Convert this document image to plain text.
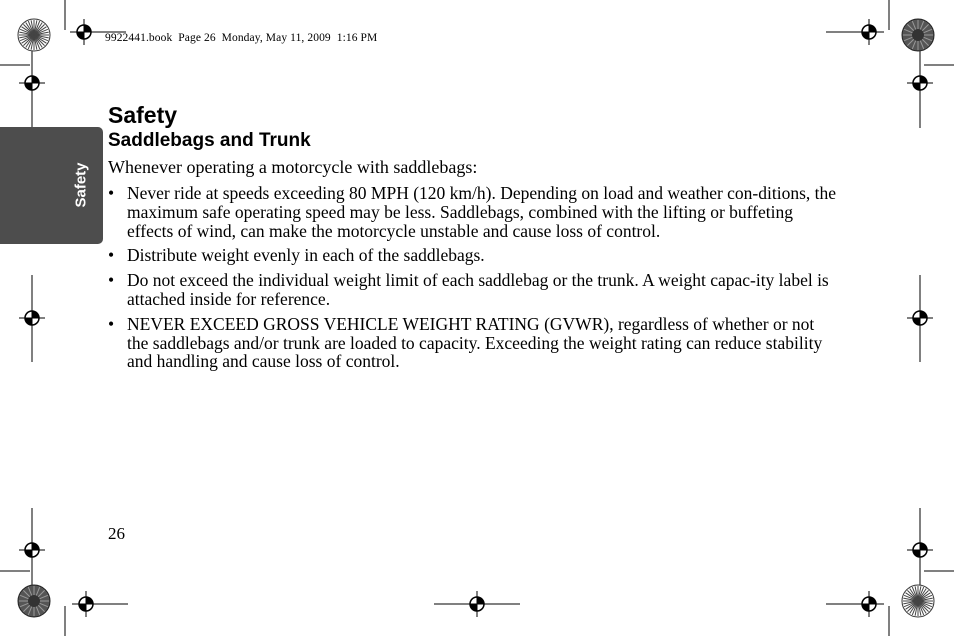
9922441.book  Page 26  Monday, May 11, 2009  1:16 PM
Safety
Safety
Saddlebags and Trunk

Whenever operating a motorcycle with saddlebags:

• Never ride at speeds exceeding 80 MPH (120 km/h). Depending on load and weather con-ditions, the maximum safe operating speed may be less. Saddlebags, combined with the lifting or buffeting effects of wind, can make the motorcycle unstable and cause loss of control.
• Distribute weight evenly in each of the saddlebags.
• Do not exceed the individual weight limit of each saddlebag or the trunk. A weight capac-ity label is attached inside for reference.
• NEVER EXCEED GROSS VEHICLE WEIGHT RATING (GVWR), regardless of whether or not the saddlebags and/or trunk are loaded to capacity. Exceeding the weight rating can reduce stability and handling and cause loss of control.
26
